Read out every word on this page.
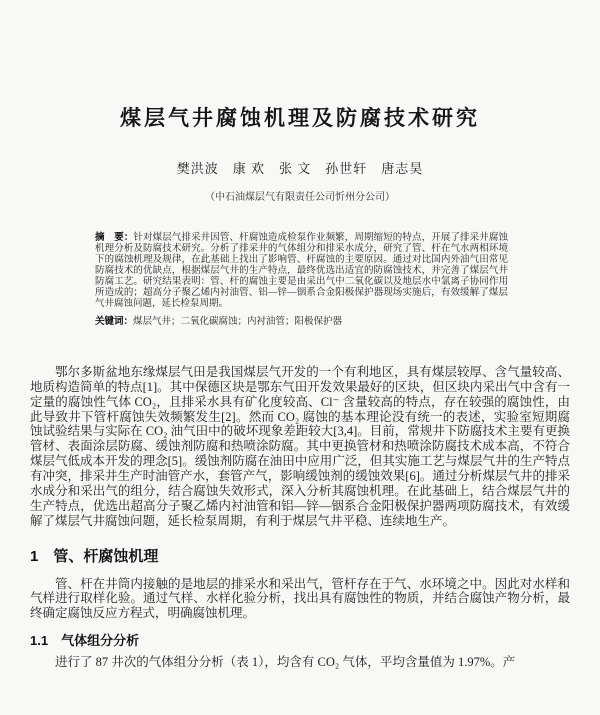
煤层气井腐蚀机理及防腐技术研究
樊洪波　康 欢　张 文　孙世轩　唐志昊
（中石油煤层气有限责任公司忻州分公司）

摘　要：针对煤层气排采井因管、杆腐蚀造成检泵作业频繁，周期缩短的特点，开展了排采井腐蚀机理分析及防腐技术研究。分析了排采井的气体组分和排采水成分，研究了管、杆在气水两相环境下的腐蚀机理及规律，在此基础上找出了影响管、杆腐蚀的主要原因。通过对比国内外油气田常见防腐技术的优缺点，根据煤层气井的生产特点，最终优选出适宜的防腐蚀技术，并完善了煤层气井防腐工艺。研究结果表明：管、杆的腐蚀主要是由采出气中二氧化碳以及地层水中氯离子协同作用所造成的；超高分子聚乙烯内衬油管、铝—锌—铟系合金阳极保护器现场实施后，有效缓解了煤层气井腐蚀问题，延长检泵周期。

关键词：煤层气井；二氧化碳腐蚀；内衬油管；阳极保护器

鄂尔多斯盆地东缘煤层气田是我国煤层气开发的一个有利地区，具有煤层较厚、含气量较高、地质构造简单的特点[1]。其中保德区块是鄂东气田开发效果最好的区块，但区块内采出气中含有一定量的腐蚀性气体 CO₂，且排采水具有矿化度较高、Cl⁻ 含量较高的特点，存在较强的腐蚀性，由此导致井下管杆腐蚀失效频繁发生[2]。然而 CO₂ 腐蚀的基本理论没有统一的表述，实验室短期腐蚀试验结果与实际在 CO₂ 油气田中的破坏现象差距较大[3,4]。目前，常规井下防腐技术主要有更换管材、表面涂层防腐、缓蚀剂防腐和热喷涂防腐。其中更换管材和热喷涂防腐技术成本高，不符合煤层气低成本开发的理念[5]。缓蚀剂防腐在油田中应用广泛，但其实施工艺与煤层气井的生产特点有冲突，排采井生产时油管产水，套管产气，影响缓蚀剂的缓蚀效果[6]。通过分析煤层气井的排采水成分和采出气的组分，结合腐蚀失效形式，深入分析其腐蚀机理。在此基础上，结合煤层气井的生产特点，优选出超高分子聚乙烯内衬油管和铝—锌—铟系合金阳极保护器两项防腐技术，有效缓解了煤层气井腐蚀问题，延长检泵周期，有利于煤层气井平稳、连续地生产。

1　管、杆腐蚀机理

管、杆在井筒内接触的是地层的排采水和采出气，管杆存在于气、水环境之中。因此对水样和气样进行取样化验。通过气样、水样化验分析，找出具有腐蚀性的物质，并结合腐蚀产物分析，最终确定腐蚀反应方程式，明确腐蚀机理。

1.1　气体组分分析

进行了 87 井次的气体组分分析（表 1），均含有 CO₂ 气体，平均含量值为 1.97%。产
